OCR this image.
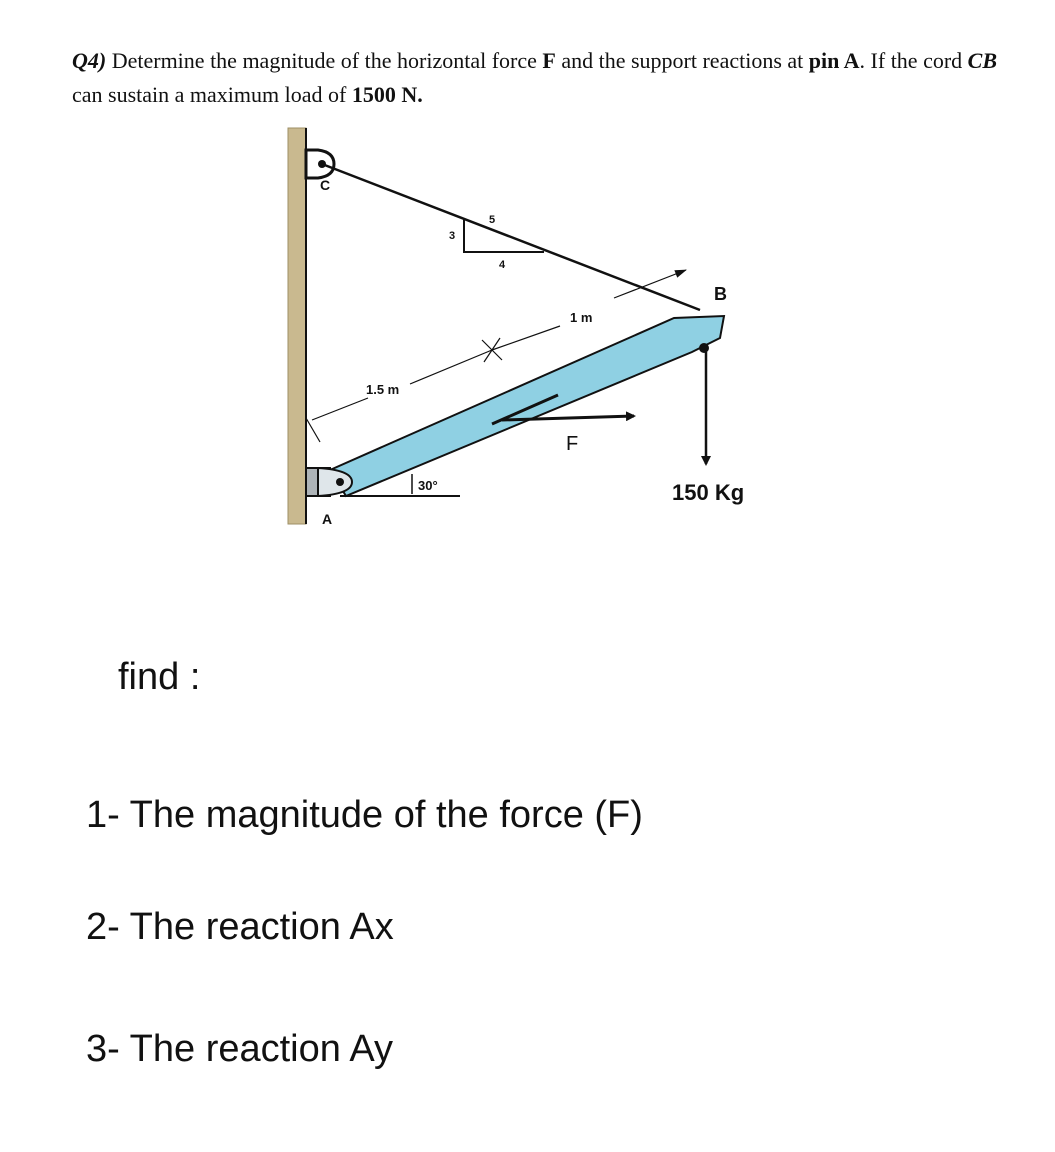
Q4) Determine the magnitude of the horizontal force F and the support reactions at pin A. If the cord CB can sustain a maximum load of 1500 N.

C
3
4
5
A
30°
1.5 m
1 m
B
F
150 Kg

find :

1- The magnitude of the force (F)

2- The reaction Ax

3- The reaction Ay
